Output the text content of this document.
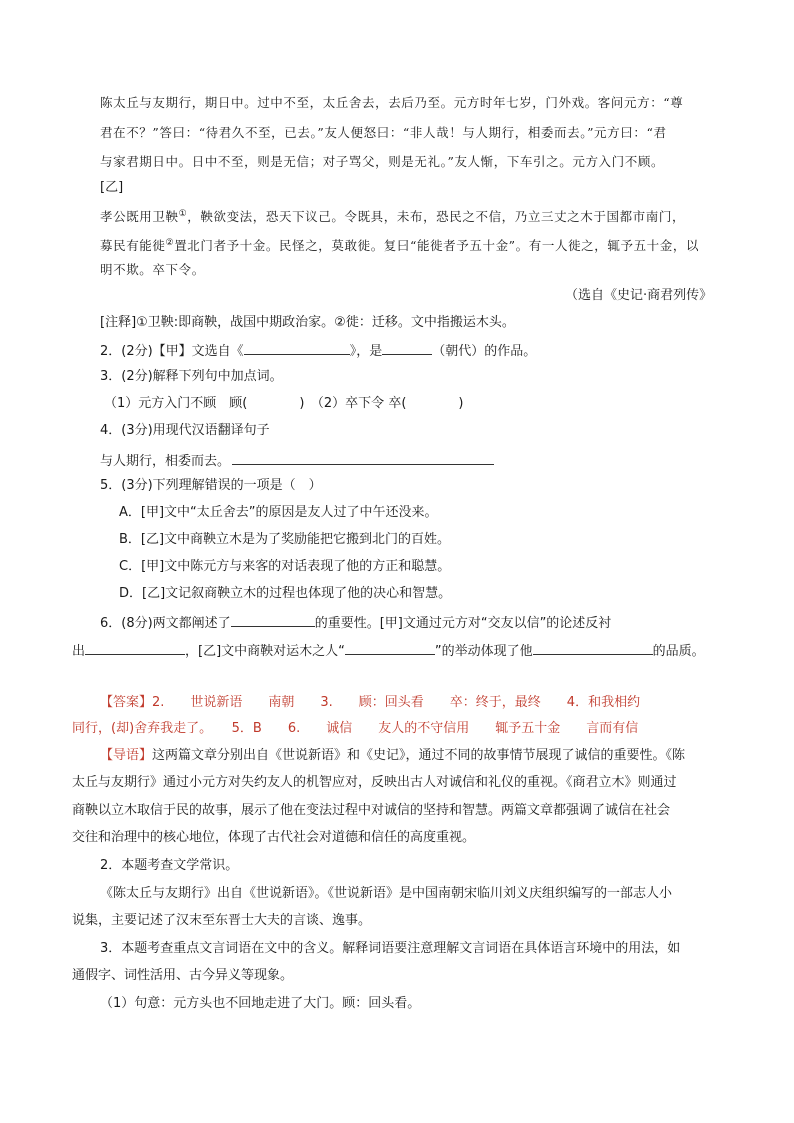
陈太丘与友期行，期日中。过中不至，太丘舍去，去后乃至。元方时年七岁，门外戏。客问元方：“尊
君在不？”答曰：“待君久不至，已去。”友人便怒曰：“非人哉！与人期行，相委而去。”元方曰：“君
与家君期日中。日中不至，则是无信；对子骂父，则是无礼。”友人惭，下车引之。元方入门不顾。
[乙]
孝公既用卫鞅①，鞅欲变法，恐天下议己。令既具，未布，恐民之不信，乃立三丈之木于国都市南门，
募民有能徙②置北门者予十金。民怪之，莫敢徙。复曰“能徙者予五十金”。有一人徙之，辄予五十金，以
明不欺。卒下令。
（选自《史记·商君列传》
[注释]①卫鞅:即商鞅，战国中期政治家。②徙：迁移。文中指搬运木头。
2．(2分)【甲】文选自《	》，是	（朝代）的作品。
3．(2分)解释下列句中加点词。
（1）元方入门不顾　顾(　　　　)　（2）卒下令 卒(　　　　)
4．(3分)用现代汉语翻译句子
与人期行，相委而去。
5．(3分)下列理解错误的一项是（　）
A．[甲]文中“太丘舍去”的原因是友人过了中午还没来。
B．[乙]文中商鞅立木是为了奖励能把它搬到北门的百姓。
C．[甲]文中陈元方与来客的对话表现了他的方正和聪慧。
D．[乙]文记叙商鞅立木的过程也体现了他的决心和智慧。
6．(8分)两文都阐述了	的重要性。[甲]文通过元方对“交友以信”的论述反衬
出	，[乙]文中商鞅对运木之人“	”的举动体现了他	的品质。
【答案】2.　　世说新语　　南朝　　3.　　顾：回头看　　卒：终于，最终　　4．和我相约
同行，(却)舍弃我走了。　　5．B　　6.　　诚信　　友人的不守信用　　辄予五十金　　言而有信
【导语】这两篇文章分别出自《世说新语》和《史记》，通过不同的故事情节展现了诚信的重要性。《陈
太丘与友期行》通过小元方对失约友人的机智应对，反映出古人对诚信和礼仪的重视。《商君立木》则通过
商鞅以立木取信于民的故事，展示了他在变法过程中对诚信的坚持和智慧。两篇文章都强调了诚信在社会
交往和治理中的核心地位，体现了古代社会对道德和信任的高度重视。
2．本题考查文学常识。
《陈太丘与友期行》出自《世说新语》。《世说新语》是中国南朝宋临川刘义庆组织编写的一部志人小
说集，主要记述了汉末至东晋士大夫的言谈、逸事。
3．本题考查重点文言词语在文中的含义。解释词语要注意理解文言词语在具体语言环境中的用法，如
通假字、词性活用、古今异义等现象。
（1）句意：元方头也不回地走进了大门。顾：回头看。
